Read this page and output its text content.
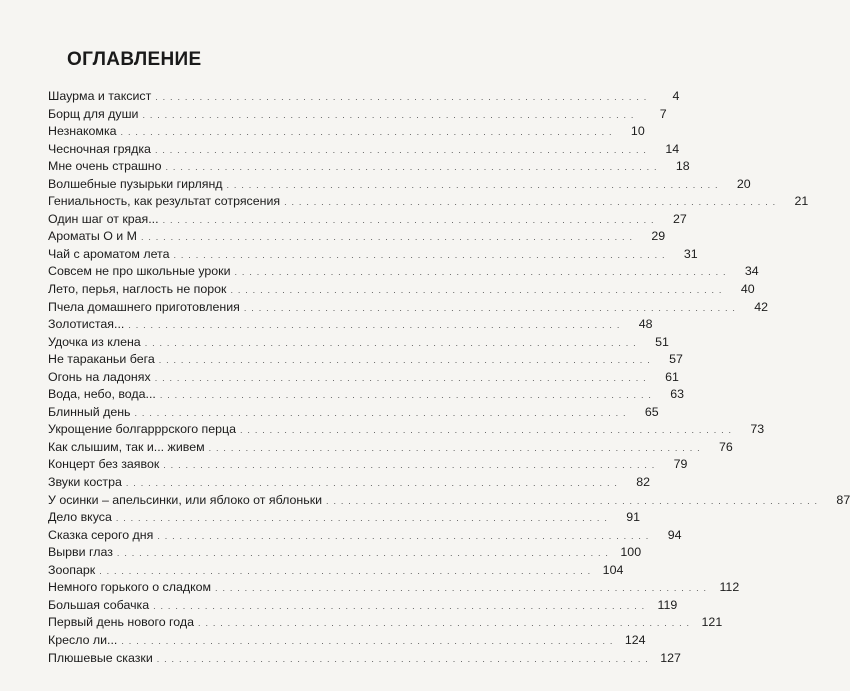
ОГЛАВЛЕНИЕ
Шаурма и таксист . . . . . . . . . . . . . . . . . . . . . . . . . . . . . . . . . . . . . . . . . . . . . . . . . . . . . . . . . . . . . . . . . . .	4
Борщ для души . . . . . . . . . . . . . . . . . . . . . . . . . . . . . . . . . . . . . . . . . . . . . . . . . . . . . . . . . . . . . . . . . . .	7
Незнакомка . . . . . . . . . . . . . . . . . . . . . . . . . . . . . . . . . . . . . . . . . . . . . . . . . . . . . . . . . . . . . . . . . . .	10
Чесночная грядка . . . . . . . . . . . . . . . . . . . . . . . . . . . . . . . . . . . . . . . . . . . . . . . . . . . . . . . . . . . . . . . . . . .	14
Мне очень страшно . . . . . . . . . . . . . . . . . . . . . . . . . . . . . . . . . . . . . . . . . . . . . . . . . . . . . . . . . . . . . . . . . . .	18
Волшебные пузырьки гирлянд . . . . . . . . . . . . . . . . . . . . . . . . . . . . . . . . . . . . . . . . . . . . . . . . . . . . . . . . . . . . . . . . . . .	20
Гениальность, как результат сотрясения . . . . . . . . . . . . . . . . . . . . . . . . . . . . . . . . . . . . . . . . . . . . . . . . . . . . . . . . . . . . . . . . . . .	21
Один шаг от края... . . . . . . . . . . . . . . . . . . . . . . . . . . . . . . . . . . . . . . . . . . . . . . . . . . . . . . . . . . . . . . . . . . .	27
Ароматы О и М . . . . . . . . . . . . . . . . . . . . . . . . . . . . . . . . . . . . . . . . . . . . . . . . . . . . . . . . . . . . . . . . . . .	29
Чай с ароматом лета . . . . . . . . . . . . . . . . . . . . . . . . . . . . . . . . . . . . . . . . . . . . . . . . . . . . . . . . . . . . . . . . . . .	31
Совсем не про школьные уроки . . . . . . . . . . . . . . . . . . . . . . . . . . . . . . . . . . . . . . . . . . . . . . . . . . . . . . . . . . . . . . . . . . .	34
Лето, перья, наглость не порок . . . . . . . . . . . . . . . . . . . . . . . . . . . . . . . . . . . . . . . . . . . . . . . . . . . . . . . . . . . . . . . . . . .	40
Пчела домашнего приготовления . . . . . . . . . . . . . . . . . . . . . . . . . . . . . . . . . . . . . . . . . . . . . . . . . . . . . . . . . . . . . . . . . . .	42
Золотистая... . . . . . . . . . . . . . . . . . . . . . . . . . . . . . . . . . . . . . . . . . . . . . . . . . . . . . . . . . . . . . . . . . . .	48
Удочка из клена . . . . . . . . . . . . . . . . . . . . . . . . . . . . . . . . . . . . . . . . . . . . . . . . . . . . . . . . . . . . . . . . . . .	51
Не тараканьи бега . . . . . . . . . . . . . . . . . . . . . . . . . . . . . . . . . . . . . . . . . . . . . . . . . . . . . . . . . . . . . . . . . . .	57
Огонь на ладонях . . . . . . . . . . . . . . . . . . . . . . . . . . . . . . . . . . . . . . . . . . . . . . . . . . . . . . . . . . . . . . . . . . .	61
Вода, небо, вода... . . . . . . . . . . . . . . . . . . . . . . . . . . . . . . . . . . . . . . . . . . . . . . . . . . . . . . . . . . . . . . . . . . .	63
Блинный день . . . . . . . . . . . . . . . . . . . . . . . . . . . . . . . . . . . . . . . . . . . . . . . . . . . . . . . . . . . . . . . . . . .	65
Укрощение болгарррского перца . . . . . . . . . . . . . . . . . . . . . . . . . . . . . . . . . . . . . . . . . . . . . . . . . . . . . . . . . . . . . . . . . . .	73
Как слышим, так и... живем . . . . . . . . . . . . . . . . . . . . . . . . . . . . . . . . . . . . . . . . . . . . . . . . . . . . . . . . . . . . . . . . . . .	76
Концерт без заявок . . . . . . . . . . . . . . . . . . . . . . . . . . . . . . . . . . . . . . . . . . . . . . . . . . . . . . . . . . . . . . . . . . .	79
Звуки костра . . . . . . . . . . . . . . . . . . . . . . . . . . . . . . . . . . . . . . . . . . . . . . . . . . . . . . . . . . . . . . . . . . .	82
У осинки – апельсинки, или яблоко от яблоньки . . . . . . . . . . . . . . . . . . . . . . . . . . . . . . . . . . . . . . . . . . . . . . . . . . . . . . . . . . . . . . . . . . .	87
Дело вкуса . . . . . . . . . . . . . . . . . . . . . . . . . . . . . . . . . . . . . . . . . . . . . . . . . . . . . . . . . . . . . . . . . . .	91
Сказка серого дня . . . . . . . . . . . . . . . . . . . . . . . . . . . . . . . . . . . . . . . . . . . . . . . . . . . . . . . . . . . . . . . . . . .	94
Вырви глаз . . . . . . . . . . . . . . . . . . . . . . . . . . . . . . . . . . . . . . . . . . . . . . . . . . . . . . . . . . . . . . . . . . . 100
Зоопарк . . . . . . . . . . . . . . . . . . . . . . . . . . . . . . . . . . . . . . . . . . . . . . . . . . . . . . . . . . . . . . . . . . . 104
Немного горького о сладком . . . . . . . . . . . . . . . . . . . . . . . . . . . . . . . . . . . . . . . . . . . . . . . . . . . . . . . . . . . . . . . . . . . 112
Большая собачка . . . . . . . . . . . . . . . . . . . . . . . . . . . . . . . . . . . . . . . . . . . . . . . . . . . . . . . . . . . . . . . . . . . 119
Первый день нового года . . . . . . . . . . . . . . . . . . . . . . . . . . . . . . . . . . . . . . . . . . . . . . . . . . . . . . . . . . . . . . . . . . . 121
Кресло ли... . . . . . . . . . . . . . . . . . . . . . . . . . . . . . . . . . . . . . . . . . . . . . . . . . . . . . . . . . . . . . . . . . . . 124
Плюшевые сказки . . . . . . . . . . . . . . . . . . . . . . . . . . . . . . . . . . . . . . . . . . . . . . . . . . . . . . . . . . . . . . . . . . . 127
